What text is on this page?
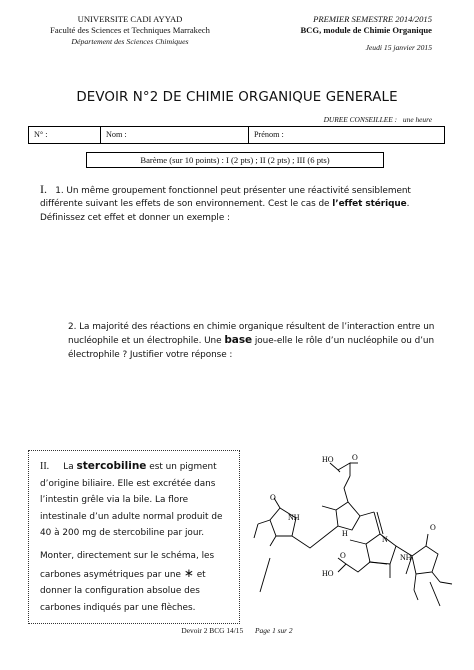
UNIVERSITE CADI AYYAD
Faculté des Sciences et Techniques Marrakech
Département des Sciences Chimiques
PREMIER SEMESTRE 2014/2015
BCG, module de Chimie Organique
Jeudi 15 janvier 2015
DEVOIR N°2 DE CHIMIE ORGANIQUE GENERALE
DUREE CONSEILLEE : une heure
N° :	Nom :	Prénom :
Barème (sur 10 points) : I (2 pts) ; II (2 pts) ; III (6 pts)
I. 1. Un même groupement fonctionnel peut présenter une réactivité sensiblement différente suivant les effets de son environnement. Cest le cas de l’effet stérique. Définissez cet effet et donner un exemple :
2. La majorité des réactions en chimie organique résultent de l’interaction entre un nucléophile et un électrophile. Une base joue-elle le rôle d’un nucléophile ou d’un électrophile ? Justifier votre réponse :
II. La stercobiline est un pigment d’origine biliaire. Elle est excrétée dans l’intestin grêle via la bile. La flore intestinale d’un adulte normal produit de 40 à 200 mg de stercobiline par jour.
Monter, directement sur le schéma, les carbones asymétriques par une ∗ et donner la configuration absolue des carbones indiqués par une flèches.
HO O
O
NH
H
N
HO
O	NH
O
Devoir 2 BCG 14/15 Page 1 sur 2
